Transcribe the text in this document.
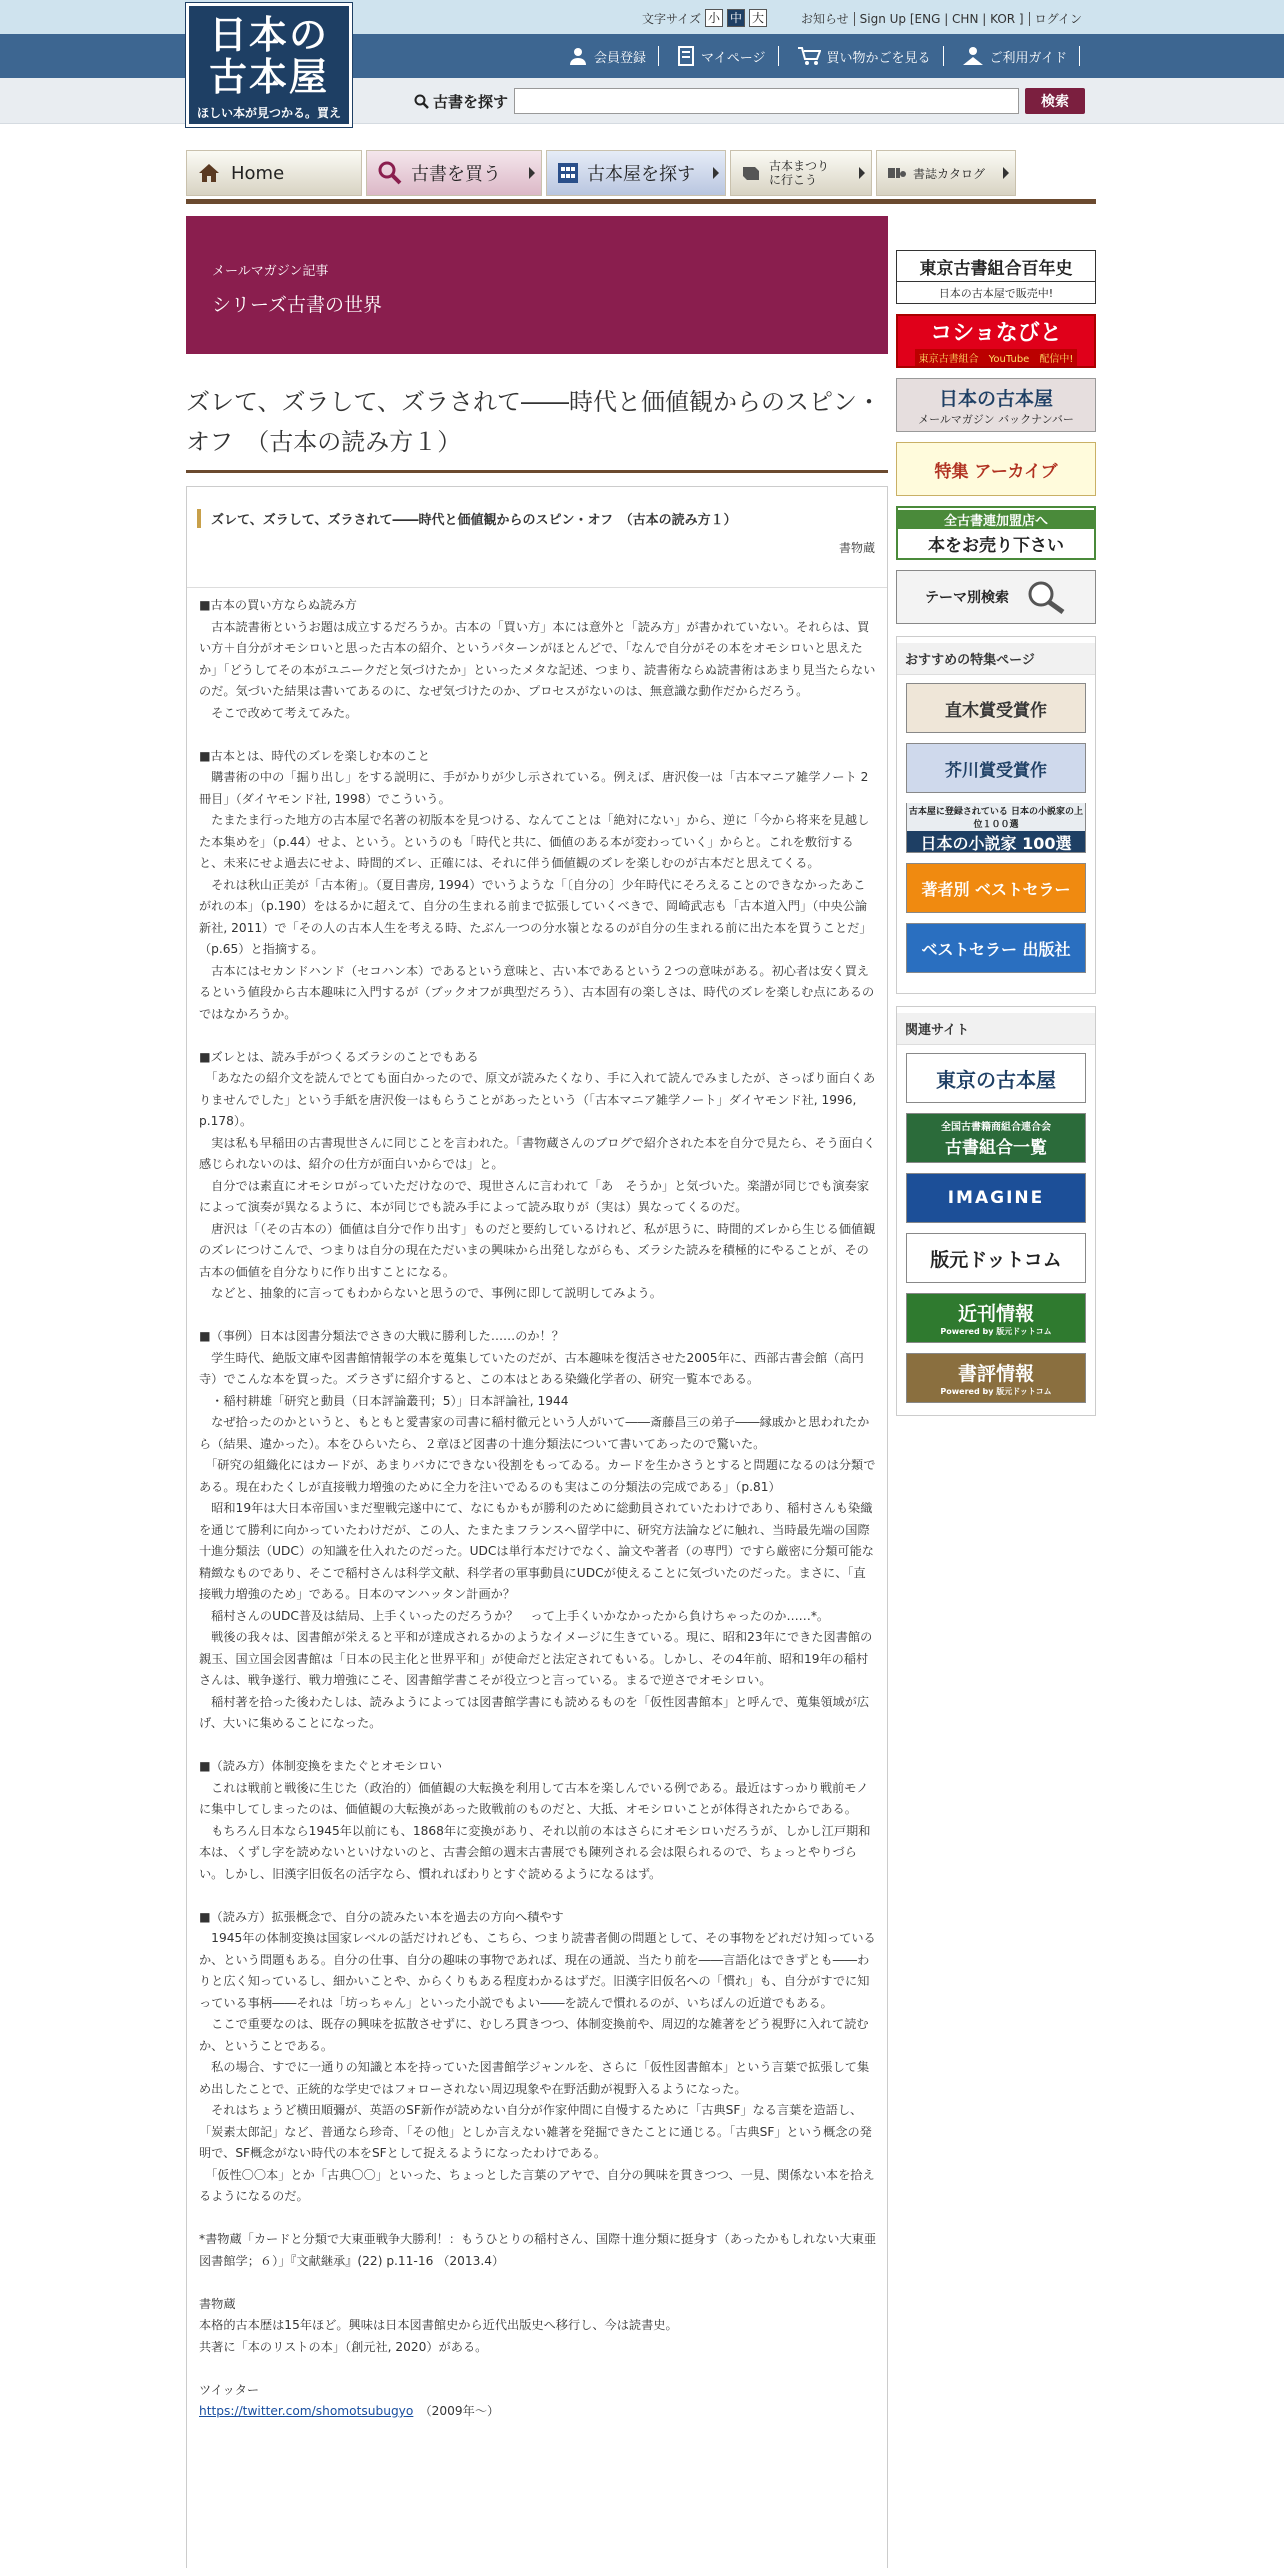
日本の
古本屋
ほしい本が見つかる。買える。
文字サイズ 小 中 大	お知らせ Sign Up [ENG | CHN | KOR ] ログイン
会員登録	マイページ	買い物かごを見る	ご利用ガイド
古書を探す	検索
Home	古書を買う	古本屋を探す	古本まつり
に行こう	書誌カタログ
メールマガジン記事
シリーズ古書の世界
ズレて、ズラして、ズラされて――時代と価値観からのスピン・オフ　（古本の読み方１）
ズレて、ズラして、ズラされて――時代と価値観からのスピン・オフ　（古本の読み方１）
書物蔵
■古本の買い方ならぬ読み方
　古本読書術というお題は成立するだろうか。古本の「買い方」本には意外と「読み方」が書かれていない。それらは、買い方＋自分がオモシロいと思った古本の紹介、というパターンがほとんどで、「なんで自分がその本をオモシロいと思えたか」「どうしてその本がユニークだと気づけたか」といったメタな記述、つまり、読書術ならぬ読書術はあまり見当たらないのだ。気づいた結果は書いてあるのに、なぜ気づけたのか、プロセスがないのは、無意識な動作だからだろう。
　そこで改めて考えてみた。

■古本とは、時代のズレを楽しむ本のこと
　購書術の中の「掘り出し」をする説明に、手がかりが少し示されている。例えば、唐沢俊一は「古本マニア雑学ノート 2冊目」（ダイヤモンド社, 1998）でこういう。
　たまたま行った地方の古本屋で名著の初版本を見つける、なんてことは「絶対にない」から、逆に「今から将来を見越した本集めを」（p.44）せよ、という。というのも「時代と共に、価値のある本が変わっていく」からと。これを敷衍すると、未来にせよ過去にせよ、時間的ズレ、正確には、それに伴う価値観のズレを楽しむのが古本だと思えてくる。
　それは秋山正美が「古本術」。（夏目書房, 1994）でいうような「〔自分の〕少年時代にそろえることのできなかったあこがれの本」（p.190）をはるかに超えて、自分の生まれる前まで拡張していくべきで、岡崎武志も「古本道入門」（中央公論新社, 2011）で「その人の古本人生を考える時、たぶん一つの分水嶺となるのが自分の生まれる前に出た本を買うことだ」（p.65）と指摘する。
　古本にはセカンドハンド（セコハン本）であるという意味と、古い本であるという２つの意味がある。初心者は安く買えるという値段から古本趣味に入門するが（ブックオフが典型だろう）、古本固有の楽しさは、時代のズレを楽しむ点にあるのではなかろうか。

■ズレとは、読み手がつくるズラシのことでもある
　「あなたの紹介文を読んでとても面白かったので、原文が読みたくなり、手に入れて読んでみましたが、さっぱり面白くありませんでした」という手紙を唐沢俊一はもらうことがあったという（「古本マニア雑学ノート」ダイヤモンド社, 1996, p.178）。
　実は私も早稲田の古書現世さんに同じことを言われた。「書物蔵さんのブログで紹介された本を自分で見たら、そう面白く感じられないのは、紹介の仕方が面白いからでは」と。
　自分では素直にオモシロがっていただけなので、現世さんに言われて「あ　そうか」と気づいた。楽譜が同じでも演奏家によって演奏が異なるように、本が同じでも読み手によって読み取りが（実は）異なってくるのだ。
　唐沢は「（その古本の）価値は自分で作り出す」ものだと要約しているけれど、私が思うに、時間的ズレから生じる価値観のズレにつけこんで、つまりは自分の現在ただいまの興味から出発しながらも、ズラシた読みを積極的にやることが、その古本の価値を自分なりに作り出すことになる。
　などと、抽象的に言ってもわからないと思うので、事例に即して説明してみよう。

■（事例）日本は図書分類法でさきの大戦に勝利した……のか！？
　学生時代、絶版文庫や図書館情報学の本を蒐集していたのだが、古本趣味を復活させた2005年に、西部古書会館（高円寺）でこんな本を買った。ズラさずに紹介すると、この本はとある染織化学者の、研究一覧本である。
　・稲村耕雄「研究と動員（日本評論叢刊；5）」日本評論社, 1944
　なぜ拾ったのかというと、もともと愛書家の司書に稲村徹元という人がいて――斎藤昌三の弟子――縁戚かと思われたから（結果、違かった）。本をひらいたら、２章ほど図書の十進分類法について書いてあったので驚いた。
　「研究の組織化にはカードが、あまりバカにできない役割をもってゐる。カードを生かさうとすると問題になるのは分類である。現在わたくしが直接戦力増強のために全力を注いでゐるのも実はこの分類法の完成である」（p.81）
　昭和19年は大日本帝国いまだ聖戦完遂中にて、なにもかもが勝利のために総動員されていたわけであり、稲村さんも染織を通じて勝利に向かっていたわけだが、この人、たまたまフランスへ留学中に、研究方法論などに触れ、当時最先端の国際十進分類法（UDC）の知識を仕入れたのだった。UDCは単行本だけでなく、論文や著者（の専門）ですら厳密に分類可能な精緻なものであり、そこで稲村さんは科学文献、科学者の軍事動員にUDCが使えることに気づいたのだった。まさに、「直接戦力増強のため」である。日本のマンハッタン計画か？
　稲村さんのUDC普及は結局、上手くいったのだろうか？　って上手くいかなかったから負けちゃったのか……*。
　戦後の我々は、図書館が栄えると平和が達成されるかのようなイメージに生きている。現に、昭和23年にできた図書館の親玉、国立国会図書館は「日本の民主化と世界平和」が使命だと法定されてもいる。しかし、その4年前、昭和19年の稲村さんは、戦争遂行、戦力増強にこそ、図書館学書こそが役立つと言っている。まるで逆さでオモシロい。
　稲村著を拾った後わたしは、読みようによっては図書館学書にも読めるものを「仮性図書館本」と呼んで、蒐集領域が広げ、大いに集めることになった。

■（読み方）体制変換をまたぐとオモシロい
　これは戦前と戦後に生じた（政治的）価値観の大転換を利用して古本を楽しんでいる例である。最近はすっかり戦前モノに集中してしまったのは、価値観の大転換があった敗戦前のものだと、大抵、オモシロいことが体得されたからである。
　もちろん日本なら1945年以前にも、1868年に変換があり、それ以前の本はさらにオモシロいだろうが、しかし江戸期和本は、くずし字を読めないといけないのと、古書会館の週末古書展でも陳列される会は限られるので、ちょっとやりづらい。しかし、旧漢字旧仮名の活字なら、慣れればわりとすぐ読めるようになるはず。

■（読み方）拡張概念で、自分の読みたい本を過去の方向へ積やす
　1945年の体制変換は国家レベルの話だけれども、こちら、つまり読書者側の問題として、その事物をどれだけ知っているか、という問題もある。自分の仕事、自分の趣味の事物であれば、現在の通説、当たり前を――言語化はできずとも――わりと広く知っているし、細かいことや、からくりもある程度わかるはずだ。旧漢字旧仮名への「慣れ」も、自分がすでに知っている事柄――それは「坊っちゃん」といった小説でもよい――を読んで慣れるのが、いちばんの近道でもある。
　ここで重要なのは、既存の興味を拡散させずに、むしろ貫きつつ、体制変換前や、周辺的な雑著をどう視野に入れて読むか、ということである。
　私の場合、すでに一通りの知識と本を持っていた図書館学ジャンルを、さらに「仮性図書館本」という言葉で拡張して集め出したことで、正統的な学史ではフォローされない周辺現象や在野活動が視野入るようになった。
　それはちょうど横田順彌が、英語のSF新作が読めない自分が作家仲間に自慢するために「古典SF」なる言葉を造語し、「炭素太郎記」など、普通なら珍奇、「その他」としか言えない雑著を発掘できたことに通じる。「古典SF」という概念の発明で、SF概念がない時代の本をSFとして捉えるようになったわけである。
　「仮性〇〇本」とか「古典〇〇」といった、ちょっとした言葉のアヤで、自分の興味を貫きつつ、一見、関係ない本を拾えるようになるのだ。

*書物蔵「カードと分類で大東亜戦争大勝利！：もうひとりの稲村さん、国際十進分類に挺身す（あったかもしれない大東亜図書館学；６）」『文献継承』(22) p.11-16 （2013.4）

書物蔵
本格的古本歴は15年ほど。興味は日本図書館史から近代出版史へ移行し、今は読書史。
共著に「本のリストの本」（創元社, 2020）がある。

ツイッター
https://twitter.com/shomotsubugyo　（2009年～）
東京古書組合百年史
日本の古本屋で販売中!
コショなびと
東京古書組合　YouTube　配信中!
日本の古本屋
メールマガジン バックナンバー
特集 アーカイブ
全古書連加盟店へ
本をお売り下さい
テーマ別検索
おすすめの特集ページ
直木賞受賞作
芥川賞受賞作
古本屋に登録されている 日本の小説家の上位１００選
日本の小説家 100選
著者別 ベストセラー
ベストセラー 出版社
関連サイト
東京の古本屋
全国古書籍商組合連合会
古書組合一覧
IMAGINE
版元ドットコム
近刊情報
Powered by 版元ドットコム
書評情報
Powered by 版元ドットコム
